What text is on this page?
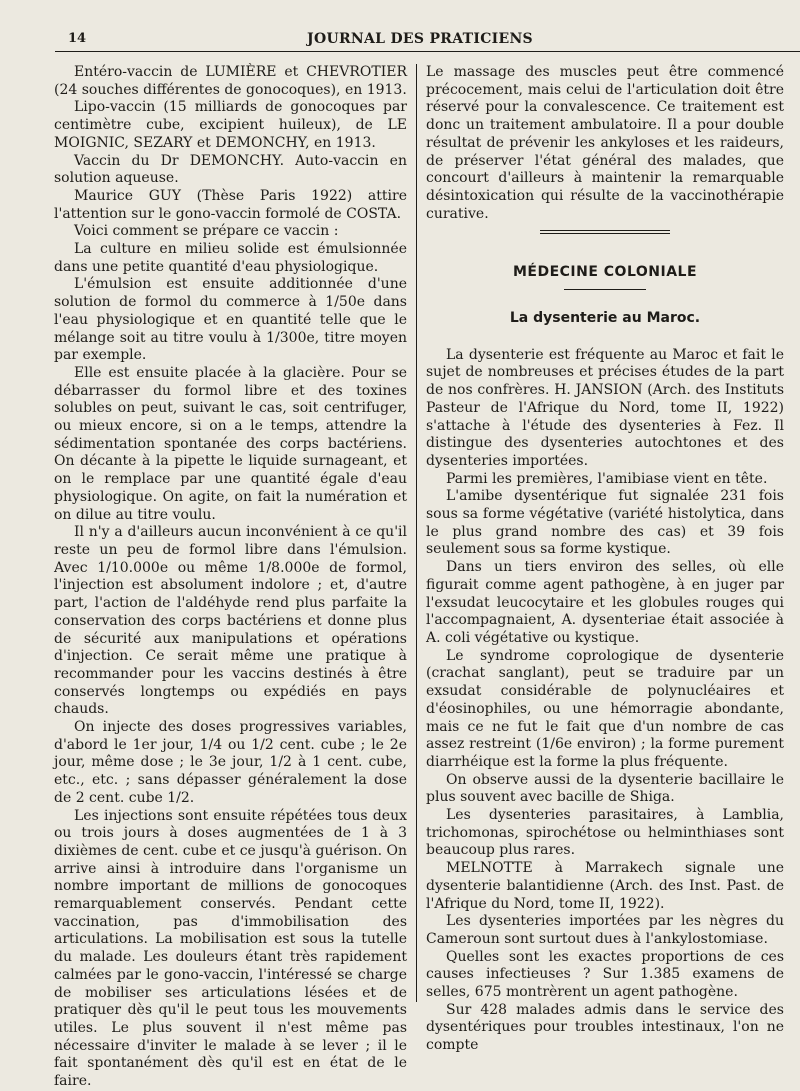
14	JOURNAL DES PRATICIENS

Entéro-vaccin de LUMIÈRE et CHEVROTIER (24 souches différentes de gonocoques), en 1913.

Lipo-vaccin (15 milliards de gonocoques par centimètre cube, excipient huileux), de LE MOIGNIC, SEZARY et DEMONCHY, en 1913.

Vaccin du Dr DEMONCHY. Auto-vaccin en solution aqueuse.

Maurice GUY (Thèse Paris 1922) attire l'attention sur le gono-vaccin formolé de COSTA.

Voici comment se prépare ce vaccin :

La culture en milieu solide est émulsionnée dans une petite quantité d'eau physiologique.

L'émulsion est ensuite additionnée d'une solution de formol du commerce à 1/50e dans l'eau physiologique et en quantité telle que le mélange soit au titre voulu à 1/300e, titre moyen par exemple.

Elle est ensuite placée à la glacière. Pour se débarrasser du formol libre et des toxines solubles on peut, suivant le cas, soit centrifuger, ou mieux encore, si on a le temps, attendre la sédimentation spontanée des corps bactériens. On décante à la pipette le liquide surnageant, et on le remplace par une quantité égale d'eau physiologique. On agite, on fait la numération et on dilue au titre voulu.

Il n'y a d'ailleurs aucun inconvénient à ce qu'il reste un peu de formol libre dans l'émulsion. Avec 1/10.000e ou même 1/8.000e de formol, l'injection est absolument indolore ; et, d'autre part, l'action de l'aldéhyde rend plus parfaite la conservation des corps bactériens et donne plus de sécurité aux manipulations et opérations d'injection. Ce serait même une pratique à recommander pour les vaccins destinés à être conservés longtemps ou expédiés en pays chauds.

On injecte des doses progressives variables, d'abord le 1er jour, 1/4 ou 1/2 cent. cube ; le 2e jour, même dose ; le 3e jour, 1/2 à 1 cent. cube, etc., etc. ; sans dépasser généralement la dose de 2 cent. cube 1/2.

Les injections sont ensuite répétées tous deux ou trois jours à doses augmentées de 1 à 3 dixièmes de cent. cube et ce jusqu'à guérison. On arrive ainsi à introduire dans l'organisme un nombre important de millions de gonocoques remarquablement conservés. Pendant cette vaccination, pas d'immobilisation des articulations. La mobilisation est sous la tutelle du malade. Les douleurs étant très rapidement calmées par le gono-vaccin, l'intéressé se charge de mobiliser ses articulations lésées et de pratiquer dès qu'il le peut tous les mouvements utiles. Le plus souvent il n'est même pas nécessaire d'inviter le malade à se lever ; il le fait spontanément dès qu'il est en état de le faire.

Le massage des muscles peut être commencé précocement, mais celui de l'articulation doit être réservé pour la convalescence. Ce traitement est donc un traitement ambulatoire. Il a pour double résultat de prévenir les ankyloses et les raideurs, de préserver l'état général des malades, que concourt d'ailleurs à maintenir la remarquable désintoxication qui résulte de la vaccinothérapie curative.

MÉDECINE COLONIALE
La dysenterie au Maroc.

La dysenterie est fréquente au Maroc et fait le sujet de nombreuses et précises études de la part de nos confrères. H. JANSION (Arch. des Instituts Pasteur de l'Afrique du Nord, tome II, 1922) s'attache à l'étude des dysenteries à Fez. Il distingue des dysenteries autochtones et des dysenteries importées.

Parmi les premières, l'amibiase vient en tête.

L'amibe dysentérique fut signalée 231 fois sous sa forme végétative (variété histolytica, dans le plus grand nombre des cas) et 39 fois seulement sous sa forme kystique.

Dans un tiers environ des selles, où elle figurait comme agent pathogène, à en juger par l'exsudat leucocytaire et les globules rouges qui l'accompagnaient, A. dysenteriae était associée à A. coli végétative ou kystique.

Le syndrome coprologique de dysenterie (crachat sanglant), peut se traduire par un exsudat considérable de polynucléaires et d'éosinophiles, ou une hémorragie abondante, mais ce ne fut le fait que d'un nombre de cas assez restreint (1/6e environ) ; la forme purement diarrhéique est la forme la plus fréquente.

On observe aussi de la dysenterie bacillaire le plus souvent avec bacille de Shiga.

Les dysenteries parasitaires, à Lamblia, trichomonas, spirochétose ou helminthiases sont beaucoup plus rares.

MELNOTTE à Marrakech signale une dysenterie balantidienne (Arch. des Inst. Past. de l'Afrique du Nord, tome II, 1922).

Les dysenteries importées par les nègres du Cameroun sont surtout dues à l'ankylostomiase.

Quelles sont les exactes proportions de ces causes infectieuses ? Sur 1.385 examens de selles, 675 montrèrent un agent pathogène.

Sur 428 malades admis dans le service des dysentériques pour troubles intestinaux, l'on ne compte
